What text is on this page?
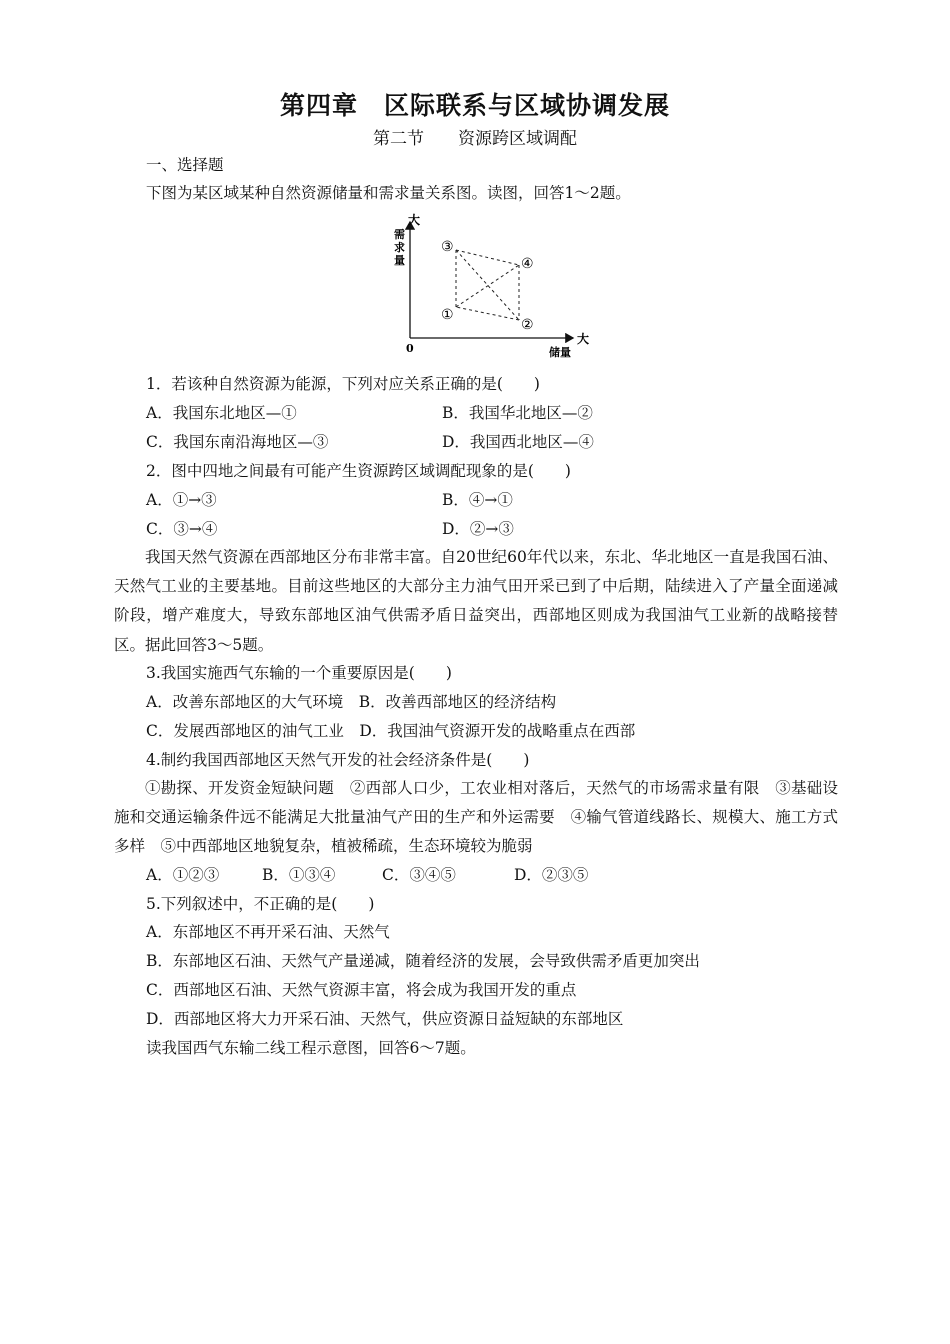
第四章　区际联系与区域协调发展
第二节　　资源跨区域调配
一、选择题
下图为某区域某种自然资源储量和需求量关系图。读图，回答1～2题。
③
④
①
②
大
需
求
量
大
储量
0
1．若该种自然资源为能源，下列对应关系正确的是(　　)
A．我国东北地区—①	B．我国华北地区—②
C．我国东南沿海地区—③	D．我国西北地区—④
2．图中四地之间最有可能产生资源跨区域调配现象的是(　　)
A．①→③	B．④→①
C．③→④	D．②→③
我国天然气资源在西部地区分布非常丰富。自20世纪60年代以来，东北、华北地区一直是我国石油、天然气工业的主要基地。目前这些地区的大部分主力油气田开采已到了中后期，陆续进入了产量全面递减阶段，增产难度大，导致东部地区油气供需矛盾日益突出，西部地区则成为我国油气工业新的战略接替区。据此回答3～5题。
3.我国实施西气东输的一个重要原因是(　　)
A．改善东部地区的大气环境　B．改善西部地区的经济结构
C．发展西部地区的油气工业　D．我国油气资源开发的战略重点在西部
4.制约我国西部地区天然气开发的社会经济条件是(　　)
①勘探、开发资金短缺问题　②西部人口少，工农业相对落后，天然气的市场需求量有限　③基础设施和交通运输条件远不能满足大批量油气产田的生产和外运需要　④输气管道线路长、规模大、施工方式多样　⑤中西部地区地貌复杂，植被稀疏，生态环境较为脆弱
A．①②③	B．①③④	C．③④⑤	D．②③⑤
5.下列叙述中，不正确的是(　　)
A．东部地区不再开采石油、天然气
B．东部地区石油、天然气产量递减，随着经济的发展，会导致供需矛盾更加突出
C．西部地区石油、天然气资源丰富，将会成为我国开发的重点
D．西部地区将大力开采石油、天然气，供应资源日益短缺的东部地区
读我国西气东输二线工程示意图，回答6～7题。
